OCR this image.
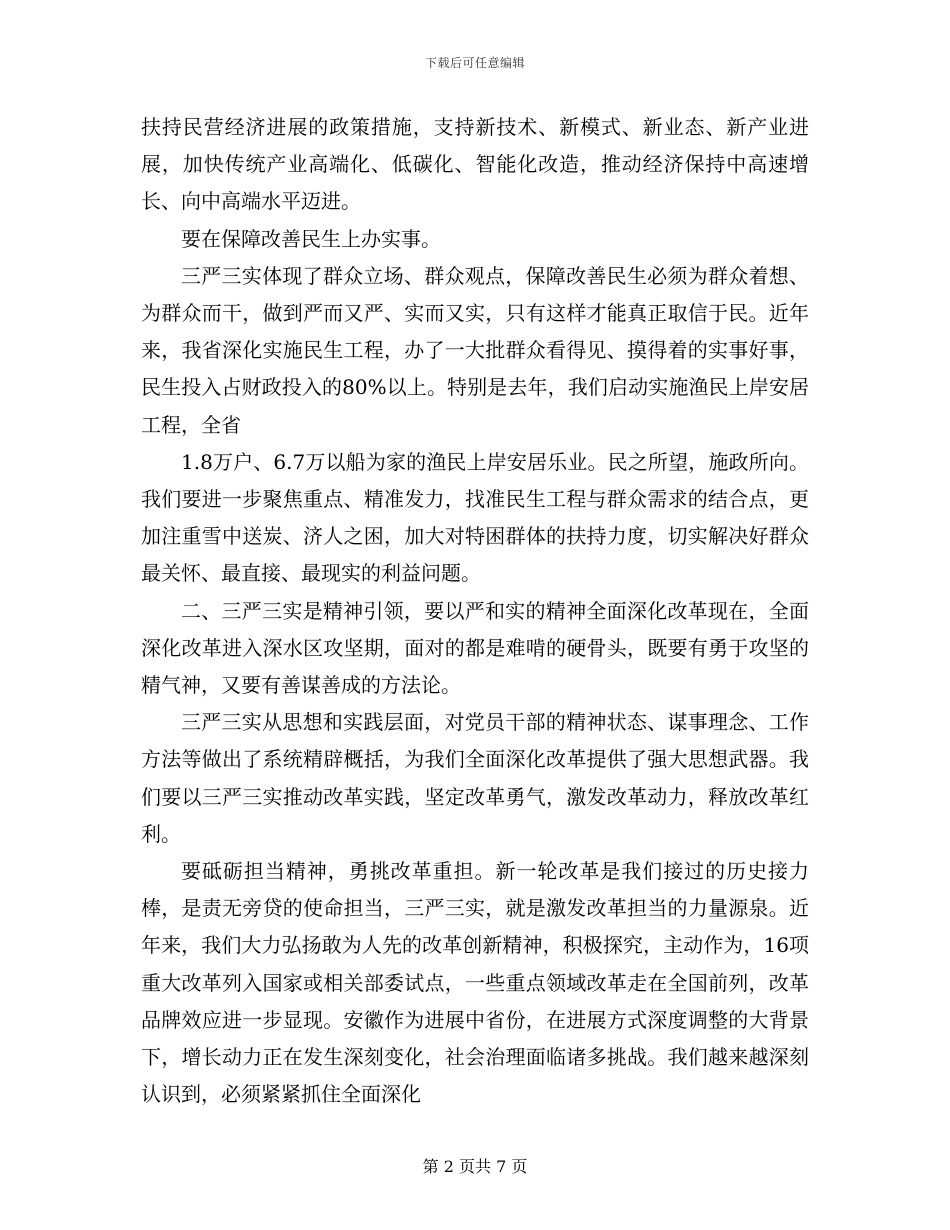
下载后可任意编辑

扶持民营经济进展的政策措施，支持新技术、新模式、新业态、新产业进展，加快传统产业高端化、低碳化、智能化改造，推动经济保持中高速增长、向中高端水平迈进。

要在保障改善民生上办实事。

三严三实体现了群众立场、群众观点，保障改善民生必须为群众着想、为群众而干，做到严而又严、实而又实，只有这样才能真正取信于民。近年来，我省深化实施民生工程，办了一大批群众看得见、摸得着的实事好事，民生投入占财政投入的80%以上。特别是去年，我们启动实施渔民上岸安居工程，全省

1.8万户、6.7万以船为家的渔民上岸安居乐业。民之所望，施政所向。我们要进一步聚焦重点、精准发力，找准民生工程与群众需求的结合点，更加注重雪中送炭、济人之困，加大对特困群体的扶持力度，切实解决好群众最关怀、最直接、最现实的利益问题。

二、三严三实是精神引领，要以严和实的精神全面深化改革现在，全面深化改革进入深水区攻坚期，面对的都是难啃的硬骨头，既要有勇于攻坚的精气神，又要有善谋善成的方法论。

三严三实从思想和实践层面，对党员干部的精神状态、谋事理念、工作方法等做出了系统精辟概括，为我们全面深化改革提供了强大思想武器。我们要以三严三实推动改革实践，坚定改革勇气，激发改革动力，释放改革红利。

要砥砺担当精神，勇挑改革重担。新一轮改革是我们接过的历史接力棒，是责无旁贷的使命担当，三严三实，就是激发改革担当的力量源泉。近年来，我们大力弘扬敢为人先的改革创新精神，积极探究，主动作为，16项重大改革列入国家或相关部委试点，一些重点领域改革走在全国前列，改革品牌效应进一步显现。安徽作为进展中省份，在进展方式深度调整的大背景下，增长动力正在发生深刻变化，社会治理面临诸多挑战。我们越来越深刻认识到，必须紧紧抓住全面深化

第 2 页共 7 页
